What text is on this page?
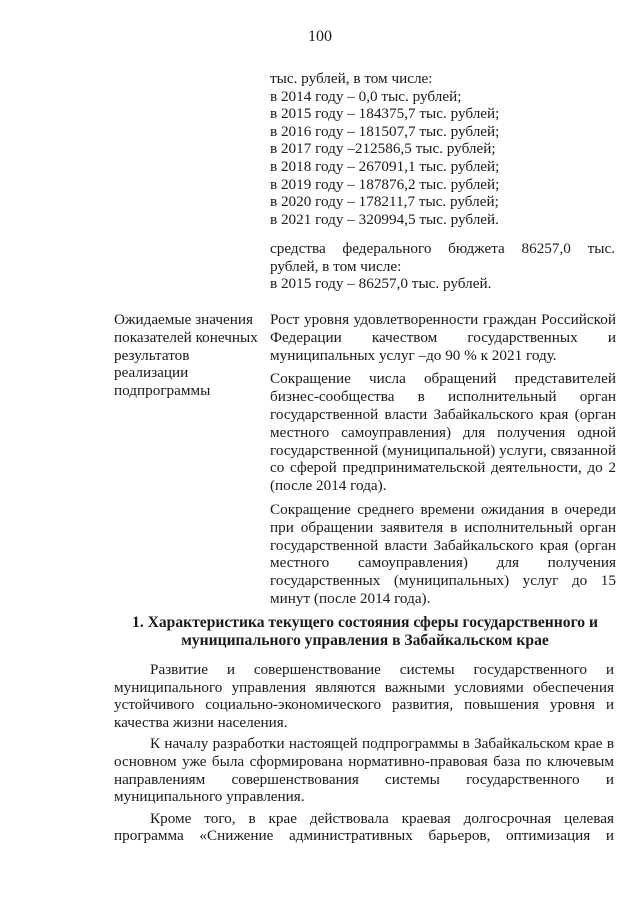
100
тыс. рублей, в том числе:
в 2014 году – 0,0 тыс. рублей;
в 2015 году – 184375,7 тыс. рублей;
в 2016 году – 181507,7 тыс. рублей;
в 2017 году –212586,5 тыс. рублей;
в 2018 году – 267091,1 тыс. рублей;
в 2019 году – 187876,2 тыс. рублей;
в 2020 году – 178211,7 тыс. рублей;
в 2021 году – 320994,5 тыс. рублей.
средства федерального бюджета 86257,0 тыс.
рублей, в том числе:
в 2015 году – 86257,0 тыс. рублей.
Ожидаемые значения показателей конечных результатов реализации подпрограммы

Рост уровня удовлетворенности граждан Российской Федерации качеством государственных и муниципальных услуг –до 90 % к 2021 году.

Сокращение числа обращений представителей бизнес-сообщества в исполнительный орган государственной власти Забайкальского края (орган местного самоуправления) для получения одной государственной (муниципальной) услуги, связанной со сферой предпринимательской деятельности, до 2 (после 2014 года).

Сокращение среднего времени ожидания в очереди при обращении заявителя в исполнительный орган государственной власти Забайкальского края (орган местного самоуправления) для получения государственных (муниципальных) услуг до 15 минут (после 2014 года).

1. Характеристика текущего состояния сферы государственного и
муниципального управления в Забайкальском крае

Развитие и совершенствование системы государственного и муниципального управления являются важными условиями обеспечения устойчивого социально-экономического развития, повышения уровня и качества жизни населения.

К началу разработки настоящей подпрограммы в Забайкальском крае в основном уже была сформирована нормативно-правовая база по ключевым направлениям совершенствования системы государственного и муниципального управления.

Кроме того, в крае действовала краевая долгосрочная целевая программа «Снижение административных барьеров, оптимизация и
